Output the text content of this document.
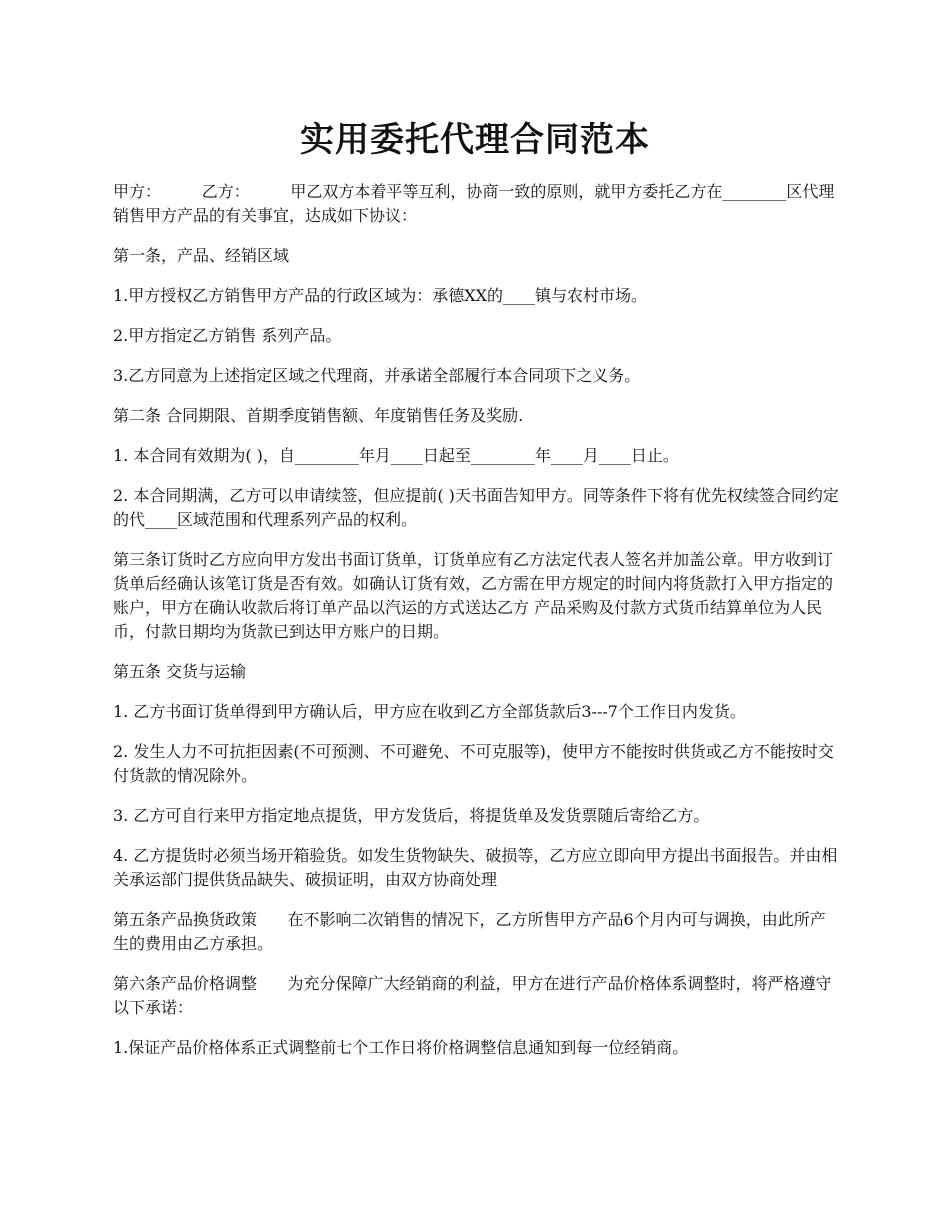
实用委托代理合同范本

甲方：        乙方：        甲乙双方本着平等互利，协商一致的原则，就甲方委托乙方在________区代理销售甲方产品的有关事宜，达成如下协议：

第一条，产品、经销区域

1.甲方授权乙方销售甲方产品的行政区域为：承德XX的____镇与农村市场。

2.甲方指定乙方销售 系列产品。

3.乙方同意为上述指定区域之代理商，并承诺全部履行本合同项下之义务。

第二条 合同期限、首期季度销售额、年度销售任务及奖励.

1. 本合同有效期为( )，自________年月____日起至________年____月____日止。

2. 本合同期满，乙方可以申请续签，但应提前( )天书面告知甲方。同等条件下将有优先权续签合同约定的代____区域范围和代理系列产品的权利。

第三条订货时乙方应向甲方发出书面订货单，订货单应有乙方法定代表人签名并加盖公章。甲方收到订货单后经确认该笔订货是否有效。如确认订货有效，乙方需在甲方规定的时间内将货款打入甲方指定的账户，甲方在确认收款后将订单产品以汽运的方式送达乙方 产品采购及付款方式货币结算单位为人民币，付款日期均为货款已到达甲方账户的日期。

第五条 交货与运输

1. 乙方书面订货单得到甲方确认后，甲方应在收到乙方全部货款后3---7个工作日内发货。

2. 发生人力不可抗拒因素(不可预测、不可避免、不可克服等)，使甲方不能按时供货或乙方不能按时交付货款的情况除外。

3. 乙方可自行来甲方指定地点提货，甲方发货后，将提货单及发货票随后寄给乙方。

4. 乙方提货时必须当场开箱验货。如发生货物缺失、破损等，乙方应立即向甲方提出书面报告。并由相关承运部门提供货品缺失、破损证明，由双方协商处理

第五条产品换货政策      在不影响二次销售的情况下，乙方所售甲方产品6个月内可与调换，由此所产生的费用由乙方承担。

第六条产品价格调整      为充分保障广大经销商的利益，甲方在进行产品价格体系调整时，将严格遵守以下承诺：

1.保证产品价格体系正式调整前七个工作日将价格调整信息通知到每一位经销商。
